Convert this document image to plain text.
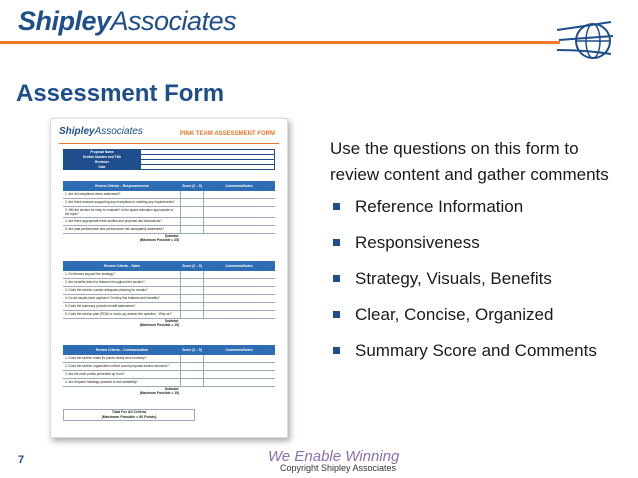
ShipleyAssociates
Assessment Form
ShipleyAssociates	PINK TEAM ASSESSMENT FORM
Proposal Name	
Section Number and Title	
Reviewer	
Date	
Review Criteria – Responsiveness	Score (0 – 5)	Comments/Notes
1. Are all compliance items addressed?
2. Are there reasons supporting any exceptions to meeting any requirements?
3. Will the section be easy to evaluate? Is the space allocation appropriate to the topic?
4. Are there appropriate trade studies and proposal risk discussions?
5. Are past performance and performance risk adequately addressed?
Subtotal:
(Maximum Possible = 25)
Review Criteria – Sales	Score (0 – 5)	Comments/Notes
1. Do themes support the strategy?
2. Are benefits linked to features throughout the section?
3. Does the section contain adequate planning for visuals?
4. Do all visuals have captions? Do they link features and benefits?
5. Does the summary provide benefit statements?
6. Does the section plan (PDW or mock-up) answer the question, “Why us?”
Subtotal:
(Maximum Possible = 15)
Review Criteria – Communication	Score (0 – 5)	Comments/Notes
1. Does the section make its points clearly and concisely?
2. Does the section organization reflect sound proposal section structure?
3. Are the main points presented up front?
4. Are frequent headings planned to aid readability?
Subtotal:
(Maximum Possible = 15)
Total For All Criteria
(Maximum Possible = 60 Points)
Use the questions on this form to review content and gather comments
Reference Information
Responsiveness
Strategy, Visuals, Benefits
Clear, Concise, Organized
Summary Score and Comments
7	We Enable Winning
Copyright Shipley Associates
